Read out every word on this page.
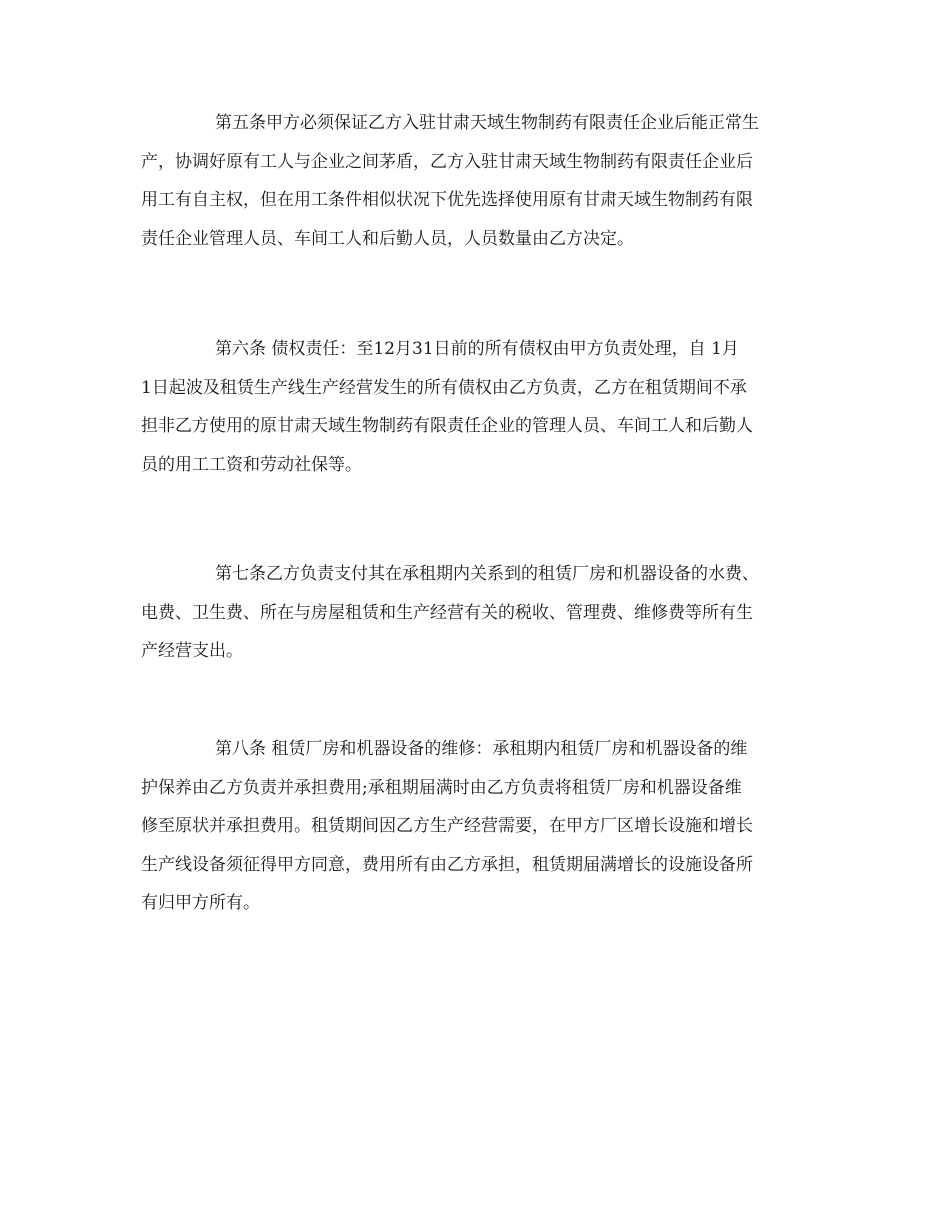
第五条甲方必须保证乙方入驻甘肃天域生物制药有限责任企业后能正常生
产，协调好原有工人与企业之间茅盾，乙方入驻甘肃天域生物制药有限责任企业后
用工有自主权，但在用工条件相似状况下优先选择使用原有甘肃天域生物制药有限
责任企业管理人员、车间工人和后勤人员，人员数量由乙方决定。
第六条 债权责任：至12月31日前的所有债权由甲方负责处理，自 1月
1日起波及租赁生产线生产经营发生的所有债权由乙方负责，乙方在租赁期间不承
担非乙方使用的原甘肃天域生物制药有限责任企业的管理人员、车间工人和后勤人
员的用工工资和劳动社保等。
第七条乙方负责支付其在承租期内关系到的租赁厂房和机器设备的水费、
电费、卫生费、所在与房屋租赁和生产经营有关的税收、管理费、维修费等所有生
产经营支出。
第八条 租赁厂房和机器设备的维修：承租期内租赁厂房和机器设备的维
护保养由乙方负责并承担费用;承租期届满时由乙方负责将租赁厂房和机器设备维
修至原状并承担费用。租赁期间因乙方生产经营需要，在甲方厂区增长设施和增长
生产线设备须征得甲方同意，费用所有由乙方承担，租赁期届满增长的设施设备所
有归甲方所有。
